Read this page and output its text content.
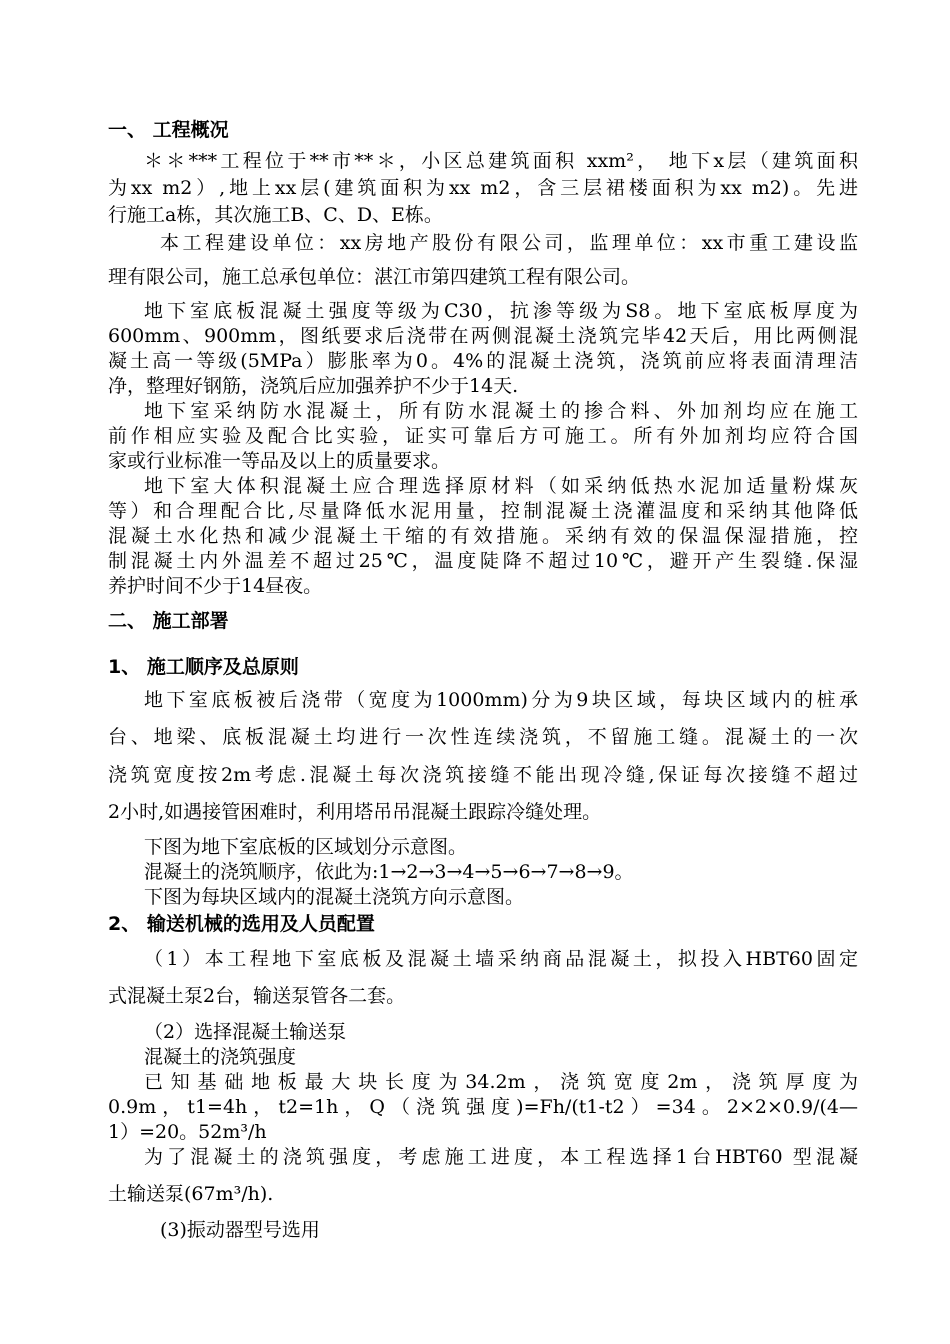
一、 工程概况

＊＊***工程位于**市**＊，小区总建筑面积 xxm²， 地下x层（建筑面积

为xx m2）,地上xx层(建筑面积为xx m2，含三层裙楼面积为xx m2)。先进

行施工a栋，其次施工B、C、D、E栋。

本工程建设单位：xx房地产股份有限公司，监理单位：xx市重工建设监

理有限公司，施工总承包单位：湛江市第四建筑工程有限公司。

地下室底板混凝土强度等级为C30，抗渗等级为S8。地下室底板厚度为

600mm、900mm，图纸要求后浇带在两侧混凝土浇筑完毕42天后，用比两侧混

凝土高一等级(5MPa）膨胀率为0。4%的混凝土浇筑，浇筑前应将表面清理洁

净，整理好钢筋，浇筑后应加强养护不少于14天.

地下室采纳防水混凝土，所有防水混凝土的掺合料、外加剂均应在施工

前作相应实验及配合比实验，证实可靠后方可施工。所有外加剂均应符合国

家或行业标准一等品及以上的质量要求。

地下室大体积混凝土应合理选择原材料（如采纳低热水泥加适量粉煤灰

等）和合理配合比,尽量降低水泥用量，控制混凝土浇灌温度和采纳其他降低

混凝土水化热和减少混凝土干缩的有效措施。采纳有效的保温保湿措施，控

制混凝土内外温差不超过25℃，温度陡降不超过10℃，避开产生裂缝.保湿

养护时间不少于14昼夜。

二、 施工部署

1、 施工顺序及总原则

地下室底板被后浇带（宽度为1000mm)分为9块区域，每块区域内的桩承

台、地梁、底板混凝土均进行一次性连续浇筑，不留施工缝。混凝土的一次

浇筑宽度按2m考虑.混凝土每次浇筑接缝不能出现冷缝,保证每次接缝不超过

2小时,如遇接管困难时，利用塔吊吊混凝土跟踪冷缝处理。

下图为地下室底板的区域划分示意图。

混凝土的浇筑顺序，依此为:1→2→3→4→5→6→7→8→9。

下图为每块区域内的混凝土浇筑方向示意图。

2、 输送机械的选用及人员配置

（1）本工程地下室底板及混凝土墙采纳商品混凝土，拟投入HBT60固定

式混凝土泵2台，输送泵管各二套。

（2）选择混凝土输送泵

混凝土的浇筑强度

已知基础地板最大块长度为34.2m，浇筑宽度2m，浇筑厚度为

0.9m，t1=4h，t2=1h，Q（浇筑强度)=Fh/(t1-t2）=34。2×2×0.9/(4—

1）=20。52m³/h

为了混凝土的浇筑强度，考虑施工进度，本工程选择1台HBT60 型混凝

土输送泵(67m³/h).

(3)振动器型号选用
